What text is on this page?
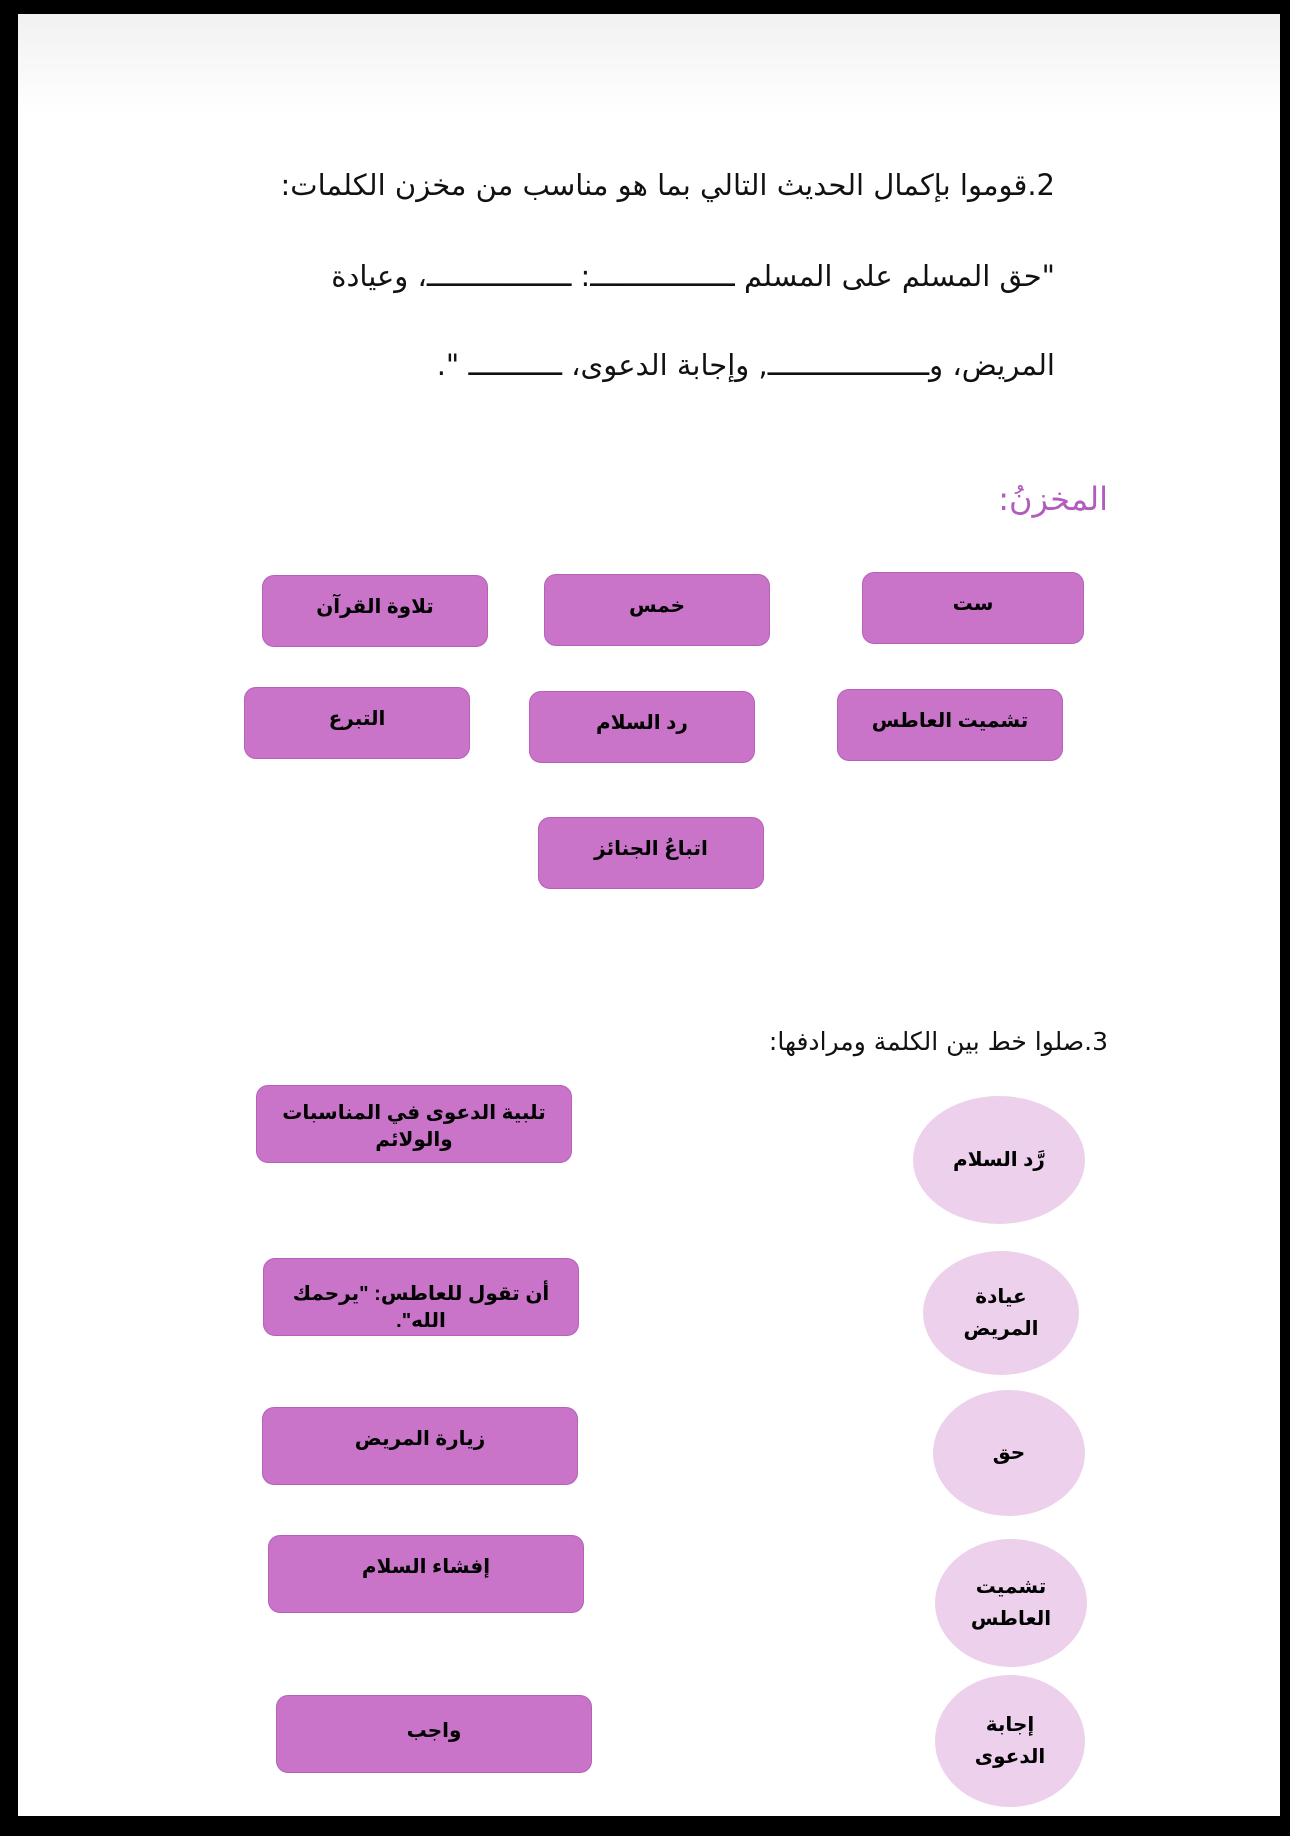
2.قوموا بإكمال الحديث التالي بما هو مناسب من مخزن الكلمات:
"حق المسلم على المسلم ـــــــــــــــــ: ـــــــــــــــــ، وعيادة
المريض، وـــــــــــــــــــ, وإجابة الدعوى، ـــــــــــ ".
المخزنُ:
ست
خمس
تلاوة القرآن
تشميت العاطس
رد السلام
التبرع
اتباعُ الجنائز
3.صلوا خط بين الكلمة ومرادفها:
رَّد السلام
عيادة
المريض
حق
تشميت
العاطس
إجابة
الدعوى
تلبية الدعوى في المناسبات والولائم
أن تقول للعاطس: "يرحمك الله".
زيارة المريض
إفشاء السلام
واجب
